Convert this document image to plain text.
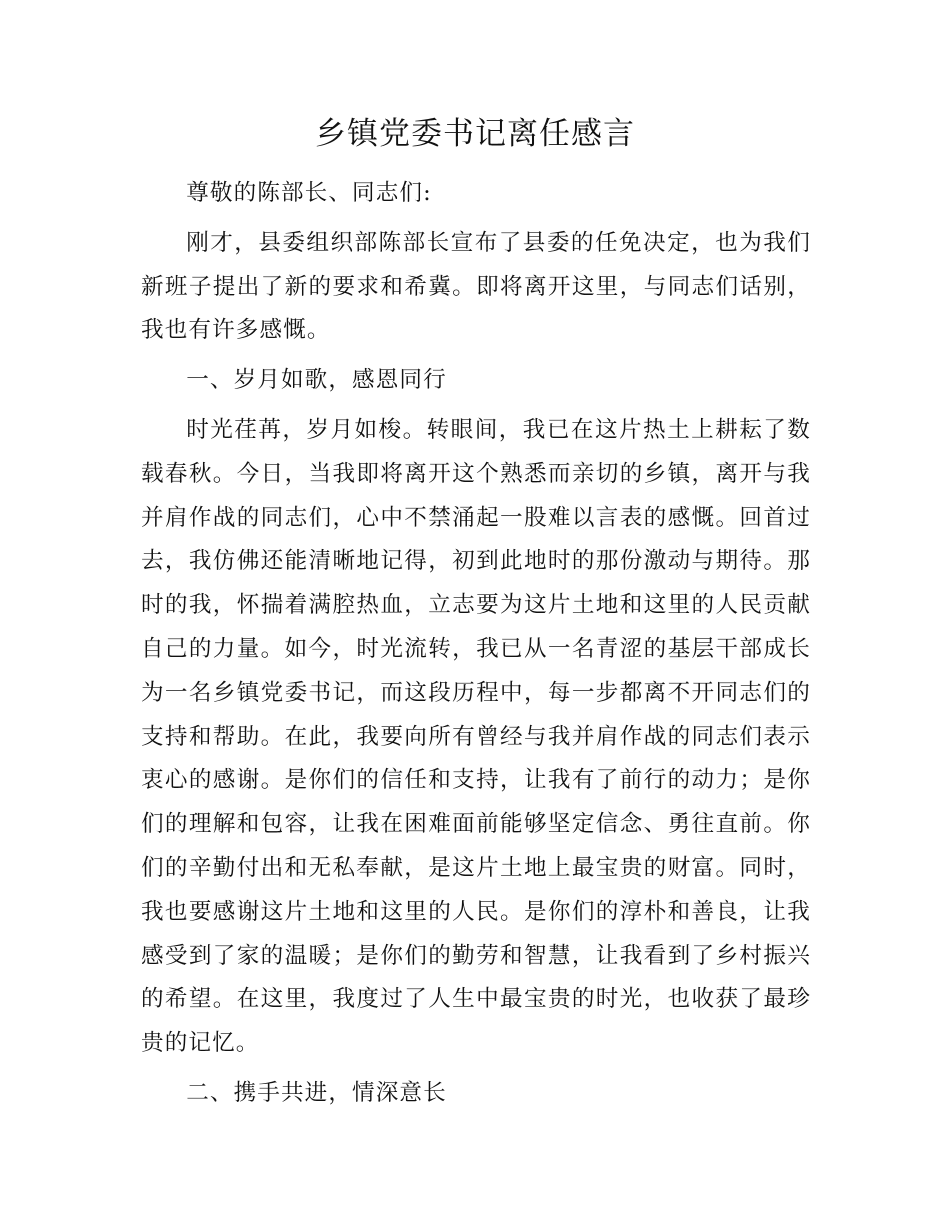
乡镇党委书记离任感言

尊敬的陈部长、同志们:

刚才，县委组织部陈部长宣布了县委的任免决定，也为我们新班子提出了新的要求和希冀。即将离开这里，与同志们话别，我也有许多感慨。

一、岁月如歌，感恩同行

时光荏苒，岁月如梭。转眼间，我已在这片热土上耕耘了数载春秋。今日，当我即将离开这个熟悉而亲切的乡镇，离开与我并肩作战的同志们，心中不禁涌起一股难以言表的感慨。回首过去，我仿佛还能清晰地记得，初到此地时的那份激动与期待。那时的我，怀揣着满腔热血，立志要为这片土地和这里的人民贡献自己的力量。如今，时光流转，我已从一名青涩的基层干部成长为一名乡镇党委书记，而这段历程中，每一步都离不开同志们的支持和帮助。在此，我要向所有曾经与我并肩作战的同志们表示衷心的感谢。是你们的信任和支持，让我有了前行的动力；是你们的理解和包容，让我在困难面前能够坚定信念、勇往直前。你们的辛勤付出和无私奉献，是这片土地上最宝贵的财富。同时，我也要感谢这片土地和这里的人民。是你们的淳朴和善良，让我感受到了家的温暖；是你们的勤劳和智慧，让我看到了乡村振兴的希望。在这里，我度过了人生中最宝贵的时光，也收获了最珍贵的记忆。

二、携手共进，情深意长
